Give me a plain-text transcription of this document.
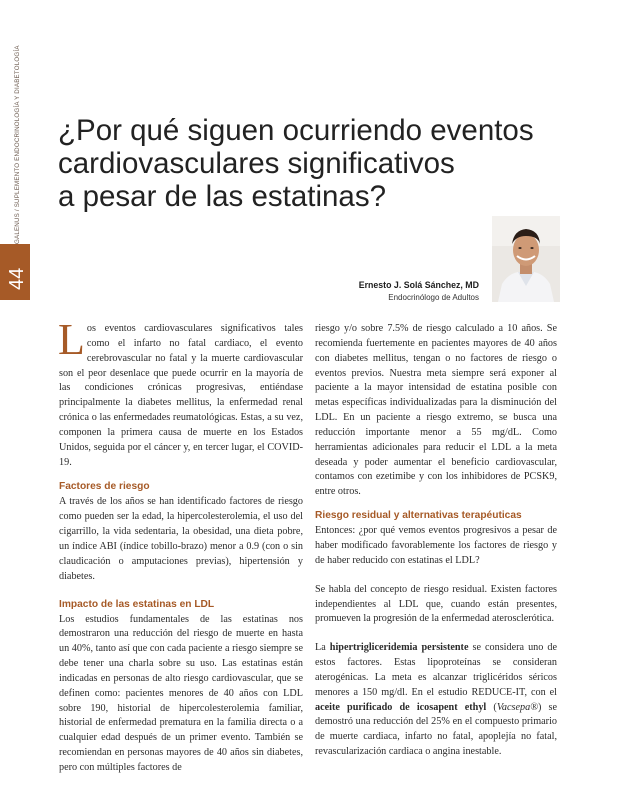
GALENUS / SUPLEMENTO ENDOCRINOLOGÍA Y DIABETOLOGÍA
44
¿Por qué siguen ocurriendo eventos
cardiovasculares significativos
a pesar de las estatinas?
Ernesto J. Solá Sánchez, MD
Endocrinólogo de Adultos

Los eventos cardiovasculares significativos tales como el infarto no fatal cardiaco, el evento cerebrovascular no fatal y la muerte cardiovascular son el peor desenlace que puede ocurrir en la mayoría de las condiciones crónicas progresivas, entiéndase principalmente la diabetes mellitus, la enfermedad renal crónica o las enfermedades reumatológicas. Estas, a su vez, componen la primera causa de muerte en los Estados Unidos, seguida por el cáncer y, en tercer lugar, el COVID-19.

Factores de riesgo

A través de los años se han identificado factores de riesgo como pueden ser la edad, la hipercolesterolemia, el uso del cigarrillo, la vida sedentaria, la obesidad, una dieta pobre, un índice ABI (índice tobillo-brazo) menor a 0.9 (con o sin claudicación o amputaciones previas), hipertensión y diabetes.

Impacto de las estatinas en LDL

Los estudios fundamentales de las estatinas nos demostraron una reducción del riesgo de muerte en hasta un 40%, tanto así que con cada paciente a riesgo siempre se debe tener una charla sobre su uso. Las estatinas están indicadas en personas de alto riesgo cardiovascular, que se definen como: pacientes menores de 40 años con LDL sobre 190, historial de hipercolesterolemia familiar, historial de enfermedad prematura en la familia directa o a cualquier edad después de un primer evento. También se recomiendan en personas mayores de 40 años sin diabetes, pero con múltiples factores de

riesgo y/o sobre 7.5% de riesgo calculado a 10 años. Se recomienda fuertemente en pacientes mayores de 40 años con diabetes mellitus, tengan o no factores de riesgo o eventos previos. Nuestra meta siempre será exponer al paciente a la mayor intensidad de estatina posible con metas específicas individualizadas para la disminución del LDL. En un paciente a riesgo extremo, se busca una reducción importante menor a 55 mg/dL. Como herramientas adicionales para reducir el LDL a la meta deseada y poder aumentar el beneficio cardiovascular, contamos con ezetimibe y con los inhibidores de PCSK9, entre otros.

Riesgo residual y alternativas terapéuticas

Entonces: ¿por qué vemos eventos progresivos a pesar de haber modificado favorablemente los factores de riesgo y de haber reducido con estatinas el LDL?

Se habla del concepto de riesgo residual. Existen factores independientes al LDL que, cuando están presentes, promueven la progresión de la enfermedad aterosclerótica.

La hipertrigliceridemia persistente se considera uno de estos factores. Estas lipoproteínas se consideran aterogénicas. La meta es alcanzar triglicéridos séricos menores a 150 mg/dl. En el estudio REDUCE-IT, con el aceite purificado de icosapent ethyl (Vacsepa®) se demostró una reducción del 25% en el compuesto primario de muerte cardiaca, infarto no fatal, apoplejía no fatal, revascularización cardiaca o angina inestable.
